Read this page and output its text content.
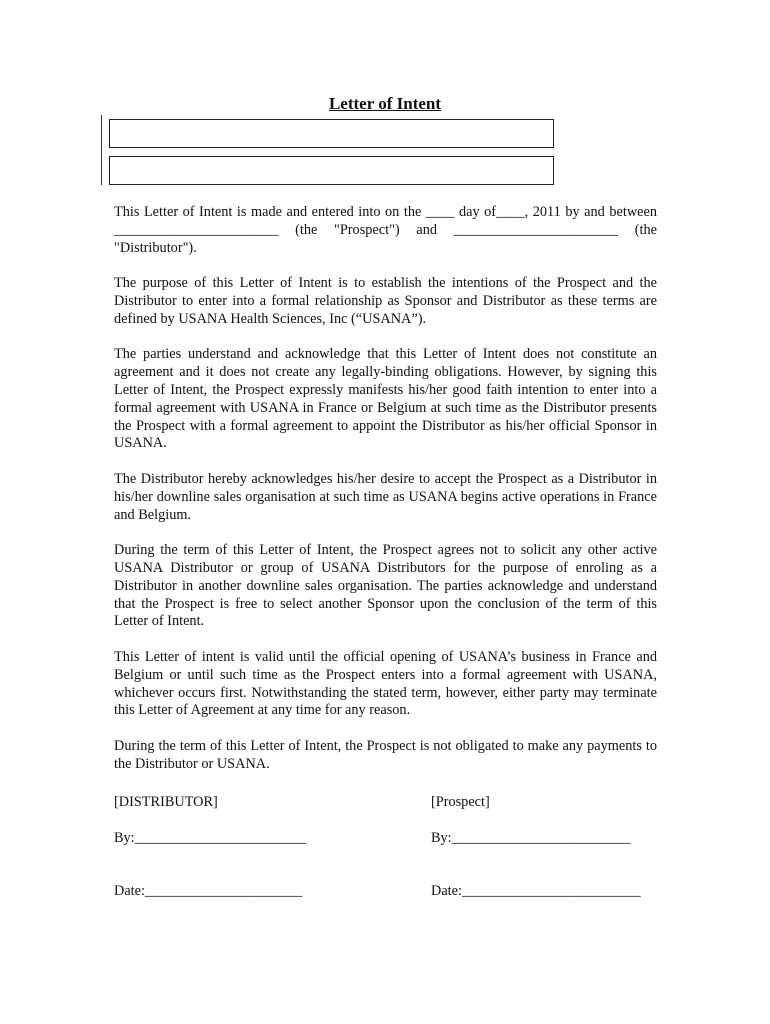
Letter of Intent

This Letter of Intent is made and entered into on the ____ day of____, 2011 by and between _______________________ (the "Prospect") and _______________________ (the "Distributor").

The purpose of this Letter of Intent is to establish the intentions of the Prospect and the Distributor to enter into a formal relationship as Sponsor and Distributor as these terms are defined by USANA Health Sciences, Inc (“USANA”).

The parties understand and acknowledge that this Letter of Intent does not constitute an agreement and it does not create any legally-binding obligations. However, by signing this Letter of Intent, the Prospect expressly manifests his/her good faith intention to enter into a formal agreement with USANA in France or Belgium at such time as the Distributor presents the Prospect with a formal agreement to appoint the Distributor as his/her official Sponsor in USANA.

The Distributor hereby acknowledges his/her desire to accept the Prospect as a Distributor in his/her downline sales organisation at such time as USANA begins active operations in France and Belgium.

During the term of this Letter of Intent, the Prospect agrees not to solicit any other active USANA Distributor or group of USANA Distributors for the purpose of enroling as a Distributor in another downline sales organisation. The parties acknowledge and understand that the Prospect is free to select another Sponsor upon the conclusion of the term of this Letter of Intent.

This Letter of intent is valid until the official opening of USANA’s business in France and Belgium or until such time as the Prospect enters into a formal agreement with USANA, whichever occurs first. Notwithstanding the stated term, however, either party may terminate this Letter of Agreement at any time for any reason.

During the term of this Letter of Intent, the Prospect is not obligated to make any payments to the Distributor or USANA.

[DISTRIBUTOR]
By:________________________
Date:______________________
[Prospect]
By:_________________________
Date:_________________________
